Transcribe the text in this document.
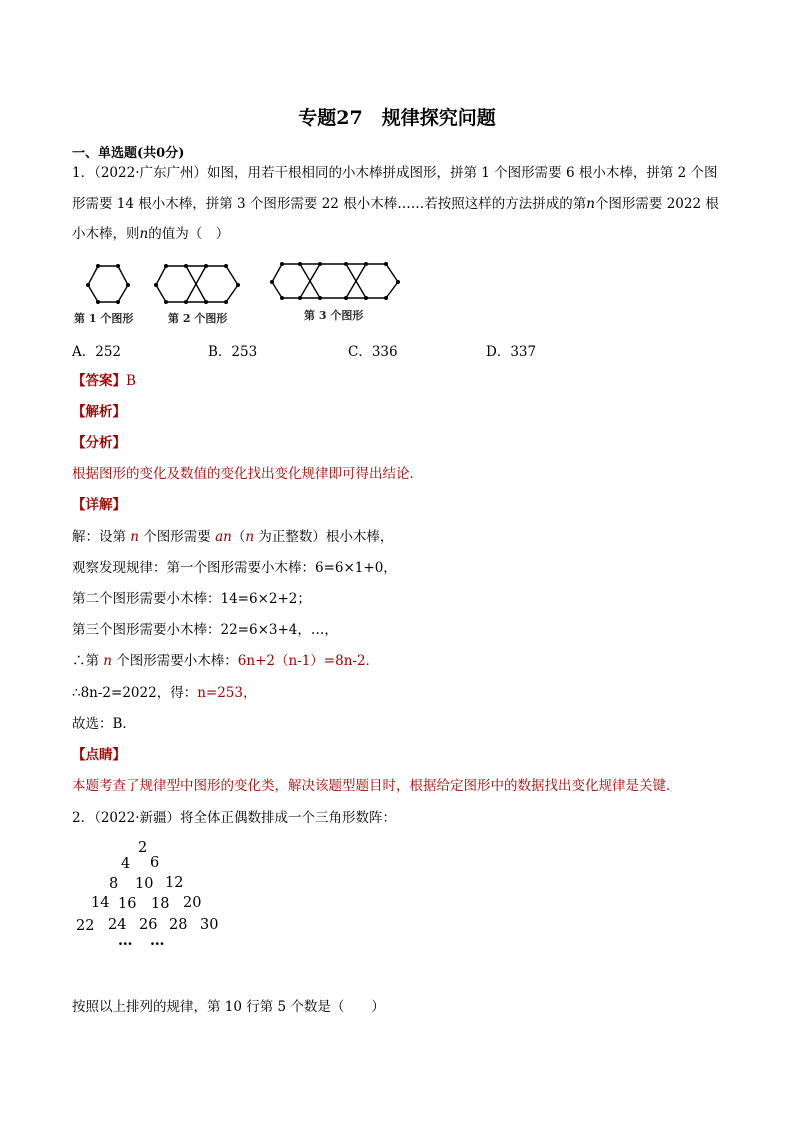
专题27　规律探究问题
一、单选题(共0分)
1．（2022·广东广州）如图，用若干根相同的小木棒拼成图形，拼第 1 个图形需要 6 根小木棒，拼第 2 个图
形需要 14 根小木棒，拼第 3 个图形需要 22 根小木棒……若按照这样的方法拼成的第n个图形需要 2022 根
小木棒，则n的值为（　）
第 1 个图形	第 2 个图形	第 3 个图形
A．252	B．253	C．336	D．337
【答案】B
【解析】
【分析】
根据图形的变化及数值的变化找出变化规律即可得出结论．
【详解】
解：设第 n 个图形需要 an（n 为正整数）根小木棒，
观察发现规律：第一个图形需要小木棒：6=6×1+0，
第二个图形需要小木棒：14=6×2+2；
第三个图形需要小木棒：22=6×3+4，…，
∴第 n 个图形需要小木棒：6n+2（n-1）=8n-2．
∴8n-2=2022，得：n=253，
故选：B．
【点睛】
本题考查了规律型中图形的变化类，解决该题型题目时，根据给定图形中的数据找出变化规律是关键．
2．（2022·新疆）将全体正偶数排成一个三角形数阵：
2
4 6
8 10 12
14 16 18 20
22 24 26 28 30
… …
按照以上排列的规律，第 10 行第 5 个数是（　　）
